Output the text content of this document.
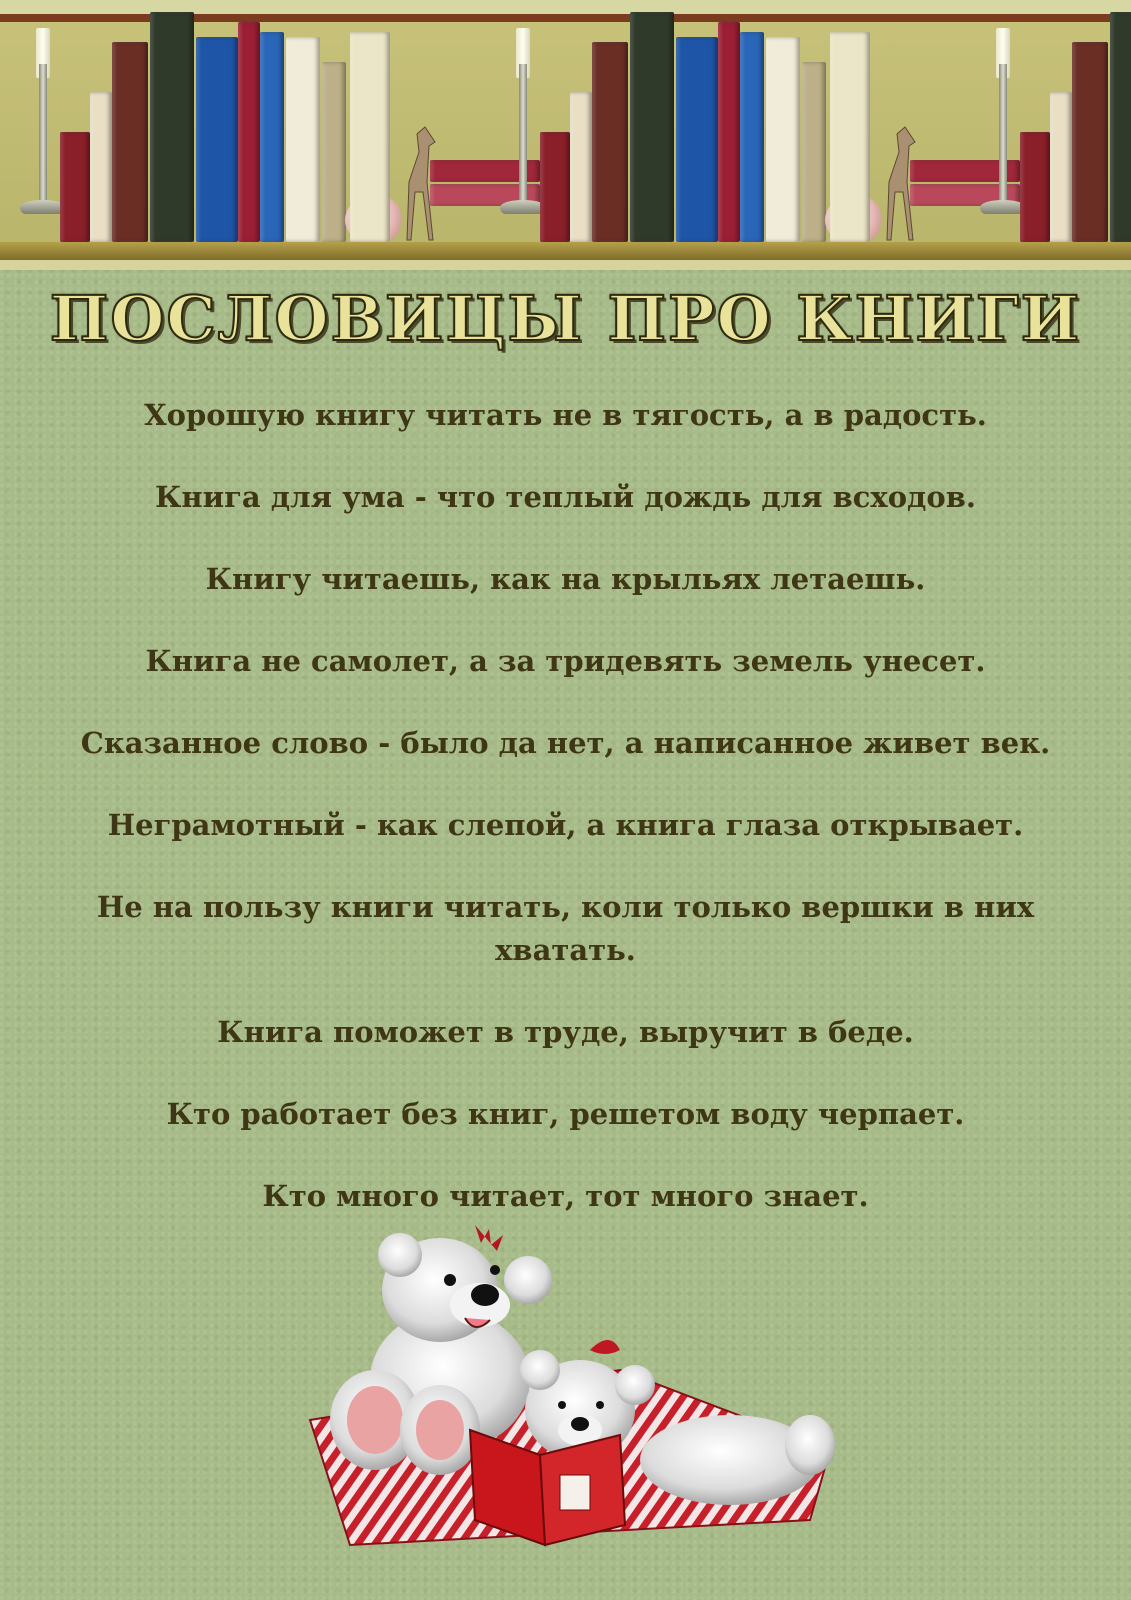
ПОСЛОВИЦЫ ПРО КНИГИ
Хорошую книгу читать не в тягость, а в радость.
Книга для ума - что теплый дождь для всходов.
Книгу читаешь, как на крыльях летаешь.
Книга не самолет, а за тридевять земель унесет.
Сказанное слово - было да нет, а написанное живет век.
Неграмотный - как слепой, а книга глаза открывает.
Не на пользу книги читать, коли только вершки в них хватать.
Книга поможет в труде, выручит в беде.
Кто работает без книг, решетом воду черпает.
Кто много читает, тот много знает.
